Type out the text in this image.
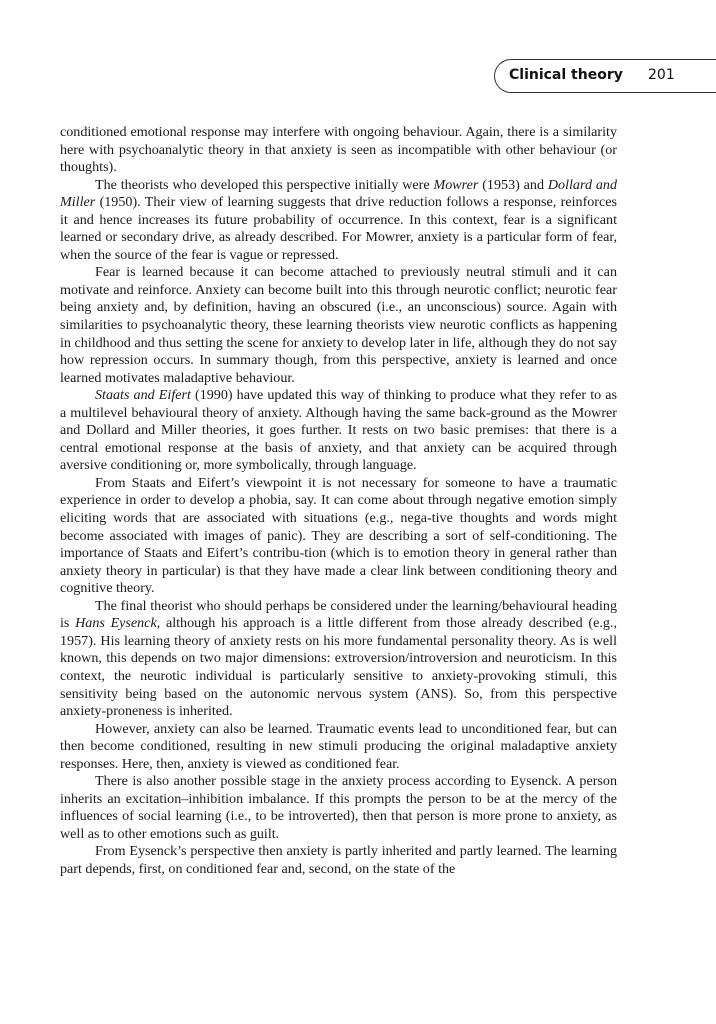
Clinical theory 201

conditioned emotional response may interfere with ongoing behaviour. Again, there is a similarity here with psychoanalytic theory in that anxiety is seen as incompatible with other behaviour (or thoughts).

The theorists who developed this perspective initially were Mowrer (1953) and Dollard and Miller (1950). Their view of learning suggests that drive reduction follows a response, reinforces it and hence increases its future probability of occurrence. In this context, fear is a significant learned or secondary drive, as already described. For Mowrer, anxiety is a particular form of fear, when the source of the fear is vague or repressed.

Fear is learned because it can become attached to previously neutral stimuli and it can motivate and reinforce. Anxiety can become built into this through neurotic conflict; neurotic fear being anxiety and, by definition, having an obscured (i.e., an unconscious) source. Again with similarities to psychoanalytic theory, these learning theorists view neurotic conflicts as happening in childhood and thus setting the scene for anxiety to develop later in life, although they do not say how repression occurs. In summary though, from this perspective, anxiety is learned and once learned motivates maladaptive behaviour.

Staats and Eifert (1990) have updated this way of thinking to produce what they refer to as a multilevel behavioural theory of anxiety. Although having the same back-ground as the Mowrer and Dollard and Miller theories, it goes further. It rests on two basic premises: that there is a central emotional response at the basis of anxiety, and that anxiety can be acquired through aversive conditioning or, more symbolically, through language.

From Staats and Eifert’s viewpoint it is not necessary for someone to have a traumatic experience in order to develop a phobia, say. It can come about through negative emotion simply eliciting words that are associated with situations (e.g., nega-tive thoughts and words might become associated with images of panic). They are describing a sort of self-conditioning. The importance of Staats and Eifert’s contribu-tion (which is to emotion theory in general rather than anxiety theory in particular) is that they have made a clear link between conditioning theory and cognitive theory.

The final theorist who should perhaps be considered under the learning/​behavioural heading is Hans Eysenck, although his approach is a little different from those already described (e.g., 1957). His learning theory of anxiety rests on his more fundamental personality theory. As is well known, this depends on two major dimensions: extroversion/​introversion and neuroticism. In this context, the neurotic individual is particularly sensitive to anxiety-provoking stimuli, this sensitivity being based on the autonomic nervous system (ANS). So, from this perspective anxiety-​proneness is inherited.

However, anxiety can also be learned. Traumatic events lead to unconditioned fear, but can then become conditioned, resulting in new stimuli producing the original maladaptive anxiety responses. Here, then, anxiety is viewed as conditioned fear.

There is also another possible stage in the anxiety process according to Eysenck. A person inherits an excitation–inhibition imbalance. If this prompts the person to be at the mercy of the influences of social learning (i.e., to be introverted), then that person is more prone to anxiety, as well as to other emotions such as guilt.

From Eysenck’s perspective then anxiety is partly inherited and partly learned. The learning part depends, first, on conditioned fear and, second, on the state of the
